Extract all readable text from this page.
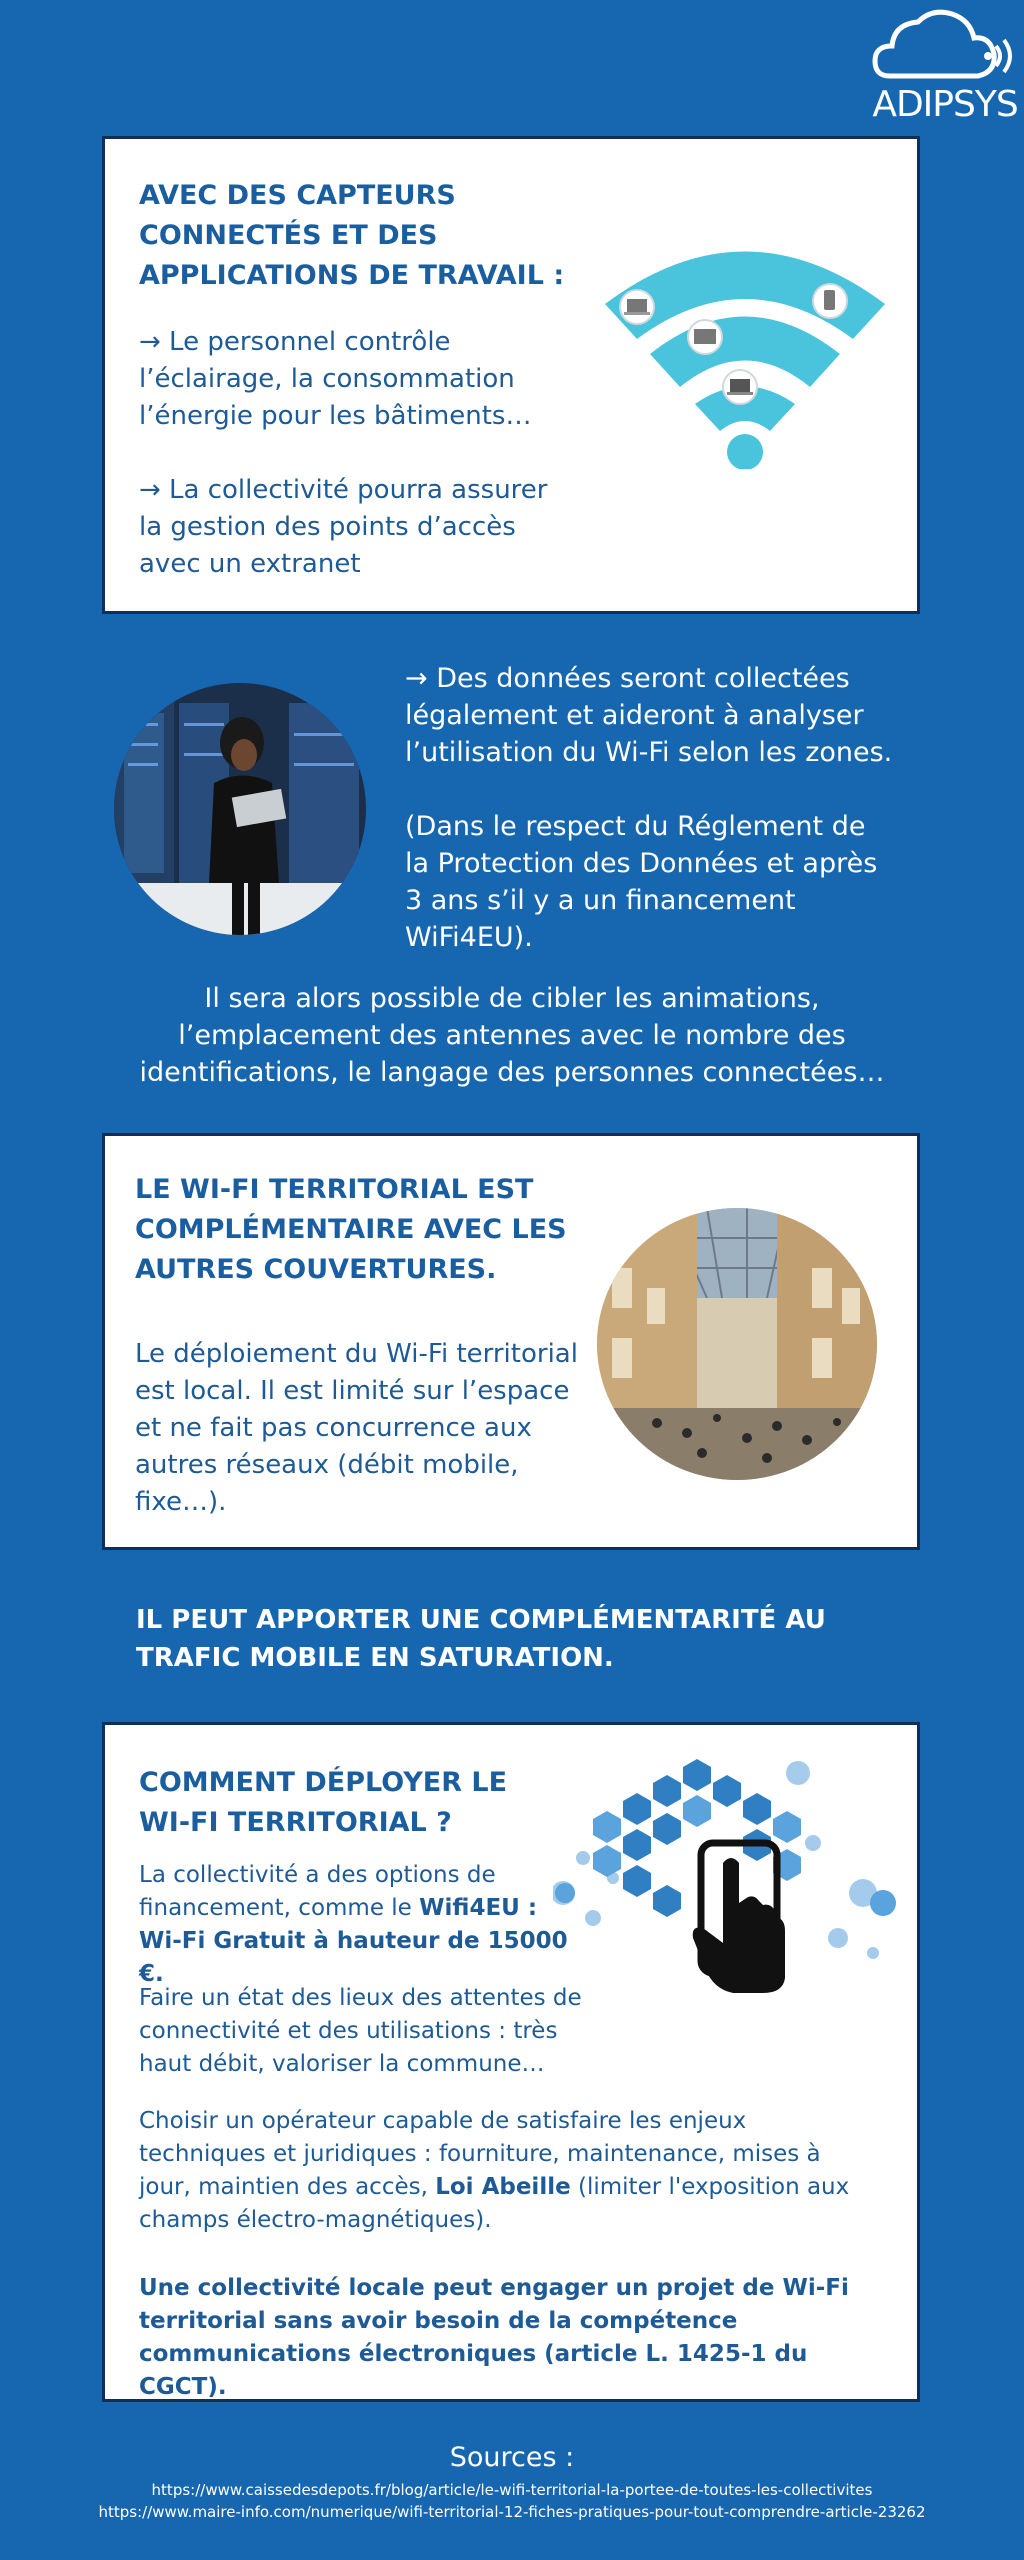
ADIPSYS
AVEC DES CAPTEURS CONNECTÉS ET DES APPLICATIONS DE TRAVAIL :

→ Le personnel contrôle l’éclairage, la consommation l’énergie pour les bâtiments…

→ La collectivité pourra assurer la gestion des points d’accès avec un extranet

→ Des données seront collectées légalement et aideront à analyser l’utilisation du Wi-Fi selon les zones.

(Dans le respect du Réglement de la Protection des Données et après 3 ans s’il y a un financement WiFi4EU).

Il sera alors possible de cibler les animations, l’emplacement des antennes avec le nombre des identifications, le langage des personnes connectées…

LE WI-FI TERRITORIAL EST COMPLÉMENTAIRE AVEC LES AUTRES COUVERTURES.

Le déploiement du Wi-Fi territorial est local. Il est limité sur l’espace et ne fait pas concurrence aux autres réseaux (débit mobile, fixe…).

IL PEUT APPORTER UNE COMPLÉMENTARITÉ AU TRAFIC MOBILE EN SATURATION.

COMMENT DÉPLOYER LE WI-FI TERRITORIAL ?

La collectivité a des options de financement, comme le Wifi4EU : Wi-Fi Gratuit à hauteur de 15000 €.

Faire un état des lieux des attentes de connectivité et des utilisations : très haut débit, valoriser la commune…

Choisir un opérateur capable de satisfaire les enjeux techniques et juridiques : fourniture, maintenance, mises à jour, maintien des accès, Loi Abeille (limiter l'exposition aux champs électro-magnétiques).

Une collectivité locale peut engager un projet de Wi-Fi territorial sans avoir besoin de la compétence communications électroniques (article L. 1425-1 du CGCT).

Sources :
https://www.caissedesdepots.fr/blog/article/le-wifi-territorial-la-portee-de-toutes-les-collectivites
https://www.maire-info.com/numerique/wifi-territorial-12-fiches-pratiques-pour-tout-comprendre-article-23262
